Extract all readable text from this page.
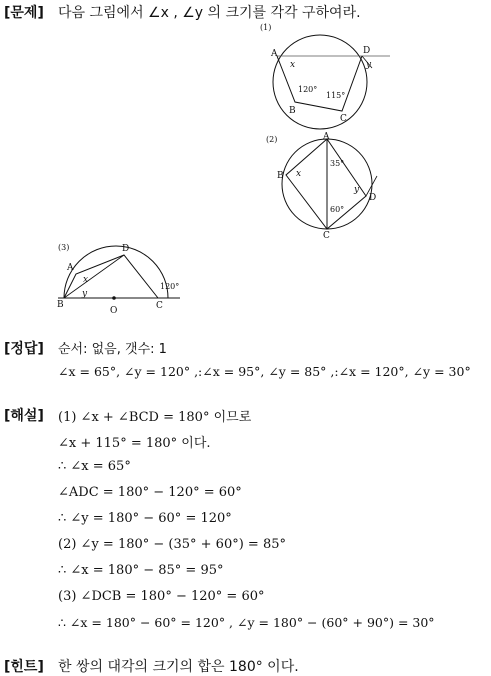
[문제] 다음 그림에서 ∠x , ∠y 의 크기를 각각 구하여라.
(1)
A	D
B
C
x	y
120°
115°
(2)	A
B
C
D
x
y
35°
60°
(3)
A
D
B	C
O
x
y
120°
[정답] 순서: 없음, 갯수: 1
∠x = 65°, ∠y = 120° ,:∠x = 95°, ∠y = 85° ,:∠x = 120°, ∠y = 30°
[해설] (1) ∠x + ∠BCD = 180° 이므로
∠x + 115° = 180° 이다.
∴ ∠x = 65°
∠ADC = 180° − 120° = 60°
∴ ∠y = 180° − 60° = 120°
(2) ∠y = 180° − (35° + 60°) = 85°
∴ ∠x = 180° − 85° = 95°
(3) ∠DCB = 180° − 120° = 60°
∴ ∠x = 180° − 60° = 120° , ∠y = 180° − (60° + 90°) = 30°
[힌트] 한 쌍의 대각의 크기의 합은 180° 이다.
